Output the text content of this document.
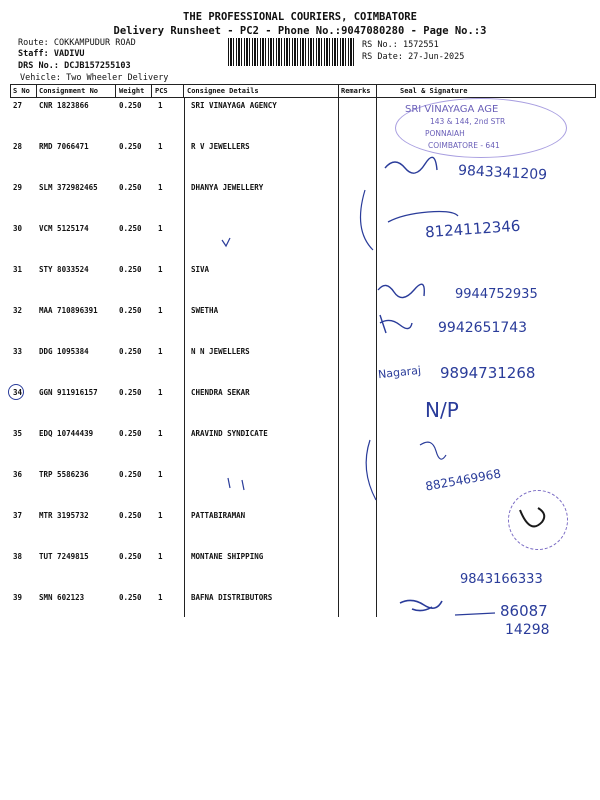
THE PROFESSIONAL COURIERS, COIMBATORE
Delivery Runsheet - PC2 - Phone No.:9047080280 - Page No.:3
Route: COKKAMPUDUR ROAD
Staff: VADIVU
DRS No.: DCJB157255103
Vehicle: Two Wheeler Delivery
RS No.: 1572551
RS Date: 27-Jun-2025
S No Consignment No	Weight PCS	Consignee Details	Remarks	Seal & Signature
27 CNR 1823866	0.250 1	SRI VINAYAGA AGENCY
28 RMD 7066471	0.250 1	R V JEWELLERS
29 SLM 372982465	0.250 1	DHANYA JEWELLERY
30 VCM 5125174	0.250 1
31 STY 8033524	0.250 1	SIVA
32 MAA 710896391	0.250 1	SWETHA
33 DDG 1095384	0.250 1	N N JEWELLERS
34 GGN 911916157	0.250 1	CHENDRA SEKAR
35 EDQ 10744439	0.250 1	ARAVIND SYNDICATE
36 TRP 5586236	0.250 1
37 MTR 3195732	0.250 1	PATTABIRAMAN
38 TUT 7249815	0.250 1	MONTANE SHIPPING
39 SMN 602123	0.250 1	BAFNA DISTRIBUTORS
SRI VINAYAGA AGE
143 & 144, 2nd STR
PONNAIAH
COIMBATORE - 641
9843341209
8124112346
9944752935
9942651743
Nagaraj 9894731268
N/P
8825469968
9843166333
86087
14298
